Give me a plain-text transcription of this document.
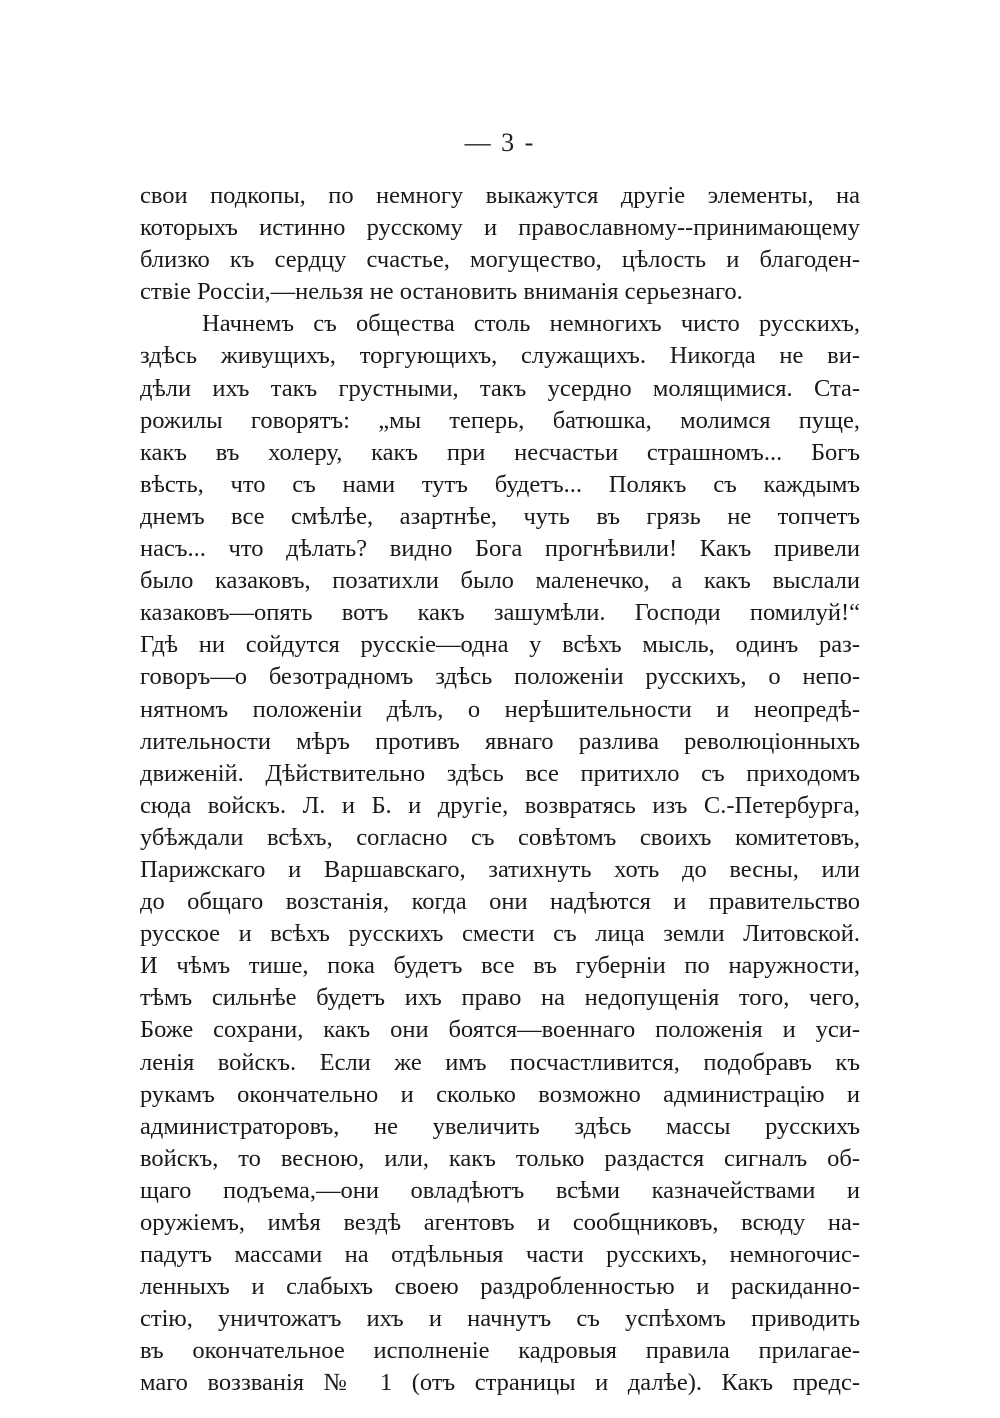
— 3 -
свои подкопы, по немногу выкажутся другіе элементы, на
которыхъ истинно русскому и православному--принимающему
близко къ сердцу счастье, могущество, цѣлость и благоден-
ствіе Россіи,—нельзя не остановить вниманія серьезнаго.
Начнемъ съ общества столь немногихъ чисто русскихъ,
здѣсь живущихъ, торгующихъ, служащихъ. Никогда не ви-
дѣли ихъ такъ грустными, такъ усердно молящимися. Ста-
рожилы говорятъ: „мы теперь, батюшка, молимся пуще,
какъ въ холеру, какъ при несчастьи страшномъ... Богъ
вѣсть, что съ нами тутъ будетъ... Полякъ съ каждымъ
днемъ все смѣлѣе, азартнѣе, чуть въ грязь не топчетъ
насъ... что дѣлать? видно Бога прогнѣвили! Какъ привели
было казаковъ, позатихли было маленечко, а какъ выслали
казаковъ—опять вотъ какъ зашумѣли. Господи помилуй!“
Гдѣ ни сойдутся русскіе—одна у всѣхъ мысль, одинъ раз-
говоръ—о безотрадномъ здѣсь положеніи русскихъ, о непо-
нятномъ положеніи дѣлъ, о нерѣшительности и неопредѣ-
лительности мѣръ противъ явнаго разлива революціонныхъ
движеній. Дѣйствительно здѣсь все притихло съ приходомъ
сюда войскъ. Л. и Б. и другіе, возвратясь изъ С.-Петербурга,
убѣждали всѣхъ, согласно съ совѣтомъ своихъ комитетовъ,
Парижскаго и Варшавскаго, затихнуть хоть до весны, или
до общаго возстанія, когда они надѣются и правительство
русское и всѣхъ русскихъ смести съ лица земли Литовской.
И чѣмъ тише, пока будетъ все въ губерніи по наружности,
тѣмъ сильнѣе будетъ ихъ право на недопущенія того, чего,
Боже сохрани, какъ они боятся—военнаго положенія и уси-
ленія войскъ. Если же имъ посчастливится, подобравъ къ
рукамъ окончательно и сколько возможно администрацію и
администраторовъ, не увеличить здѣсь массы русскихъ
войскъ, то весною, или, какъ только раздастся сигналъ об-
щаго подъема,—они овладѣютъ всѣми казначействами и
оружіемъ, имѣя вездѣ агентовъ и сообщниковъ, всюду на-
падутъ массами на отдѣльныя части русскихъ, немногочис-
ленныхъ и слабыхъ своею раздробленностью и раскиданно-
стію, уничтожатъ ихъ и начнутъ съ успѣхомъ приводить
въ окончательное исполненіе кадровыя правила прилагае-
маго воззванія № 1 (отъ страницы и далѣе). Какъ предс-
